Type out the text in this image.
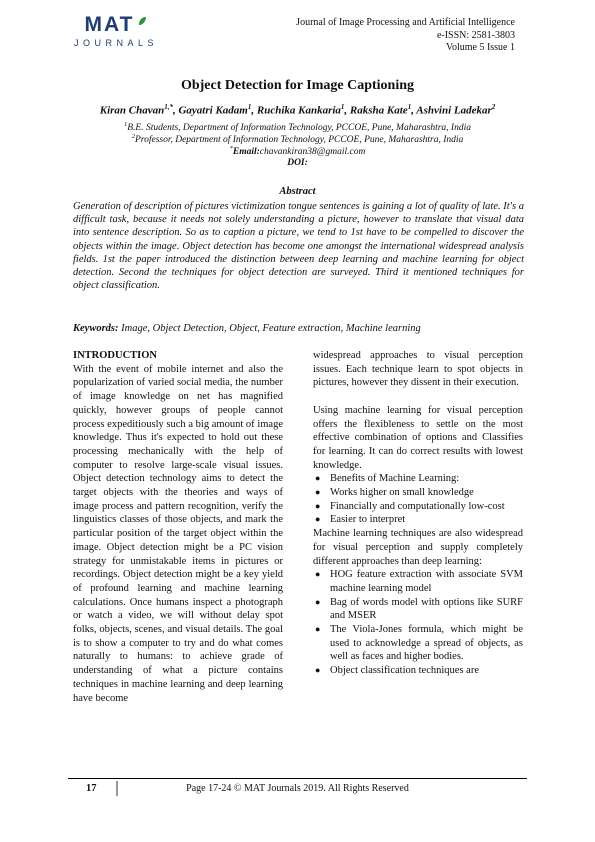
MAT
JOURNALS
Journal of Image Processing and Artificial Intelligence
e-ISSN: 2581-3803
Volume 5 Issue 1
Object Detection for Image Captioning
Kiran Chavan$^{1,*}$, Gayatri Kadam$^1$, Ruchika Kankaria$^1$, Raksha Kate$^1$, Ashvini Ladekar$^2$
$^1$B.E. Students, Department of Information Technology, PCCOE, Pune, Maharashtra, India
$^2$Professor, Department of Information Technology, PCCOE, Pune, Maharashtra, India
*Email:chavankiran38@gmail.com
DOI:
Abstract

Generation of description of pictures victimization tongue sentences is gaining a lot of quality of late. It's a difficult task, because it needs not solely understanding a picture, however to translate that visual data into sentence description. So as to caption a picture, we tend to 1st have to be compelled to discover the objects within the image. Object detection has become one amongst the international widespread analysis fields. 1st the paper introduced the distinction between deep learning and machine learning for object detection. Second the techniques for object detection are surveyed. Third it mentioned techniques for object classification.

Keywords: Image, Object Detection, Object, Feature extraction, Machine learning

INTRODUCTION

With the event of mobile internet and also the popularization of varied social media, the number of image knowledge on net has magnified quickly, however groups of people cannot process expeditiously such a big amount of image knowledge. Thus it's expected to hold out these processing mechanically with the help of computer to resolve large-scale visual issues. Object detection technology aims to detect the target objects with the theories and ways of image process and pattern recognition, verify the linguistics classes of those objects, and mark the particular position of the target object within the image. Object detection might be a PC vision strategy for unmistakable items in pictures or recordings. Object detection might be a key yield of profound learning and machine learning calculations. Once humans inspect a photograph or watch a video, we will without delay spot folks, objects, scenes, and visual details. The goal is to show a computer to try and do what comes naturally to humans: to achieve grade of understanding of what a picture contains techniques in machine learning and deep learning have become

widespread approaches to visual perception issues. Each technique learn to spot objects in pictures, however they dissent in their execution.

Using machine learning for visual perception offers the flexibleness to settle on the most effective combination of options and Classifies for learning. It can do correct results with lowest knowledge.

● Benefits of Machine Learning:
● Works higher on small knowledge
● Financially and computationally low-cost
● Easier to interpret

Machine learning techniques are also widespread for visual perception and supply completely different approaches than deep learning:

● HOG feature extraction with associate SVM machine learning model
● Bag of words model with options like SURF and MSER
● The Viola-Jones formula, which might be used to acknowledge a spread of objects, as well as faces and higher bodies.
● Object classification techniques are
17	Page 17-24 © MAT Journals 2019. All Rights Reserved
